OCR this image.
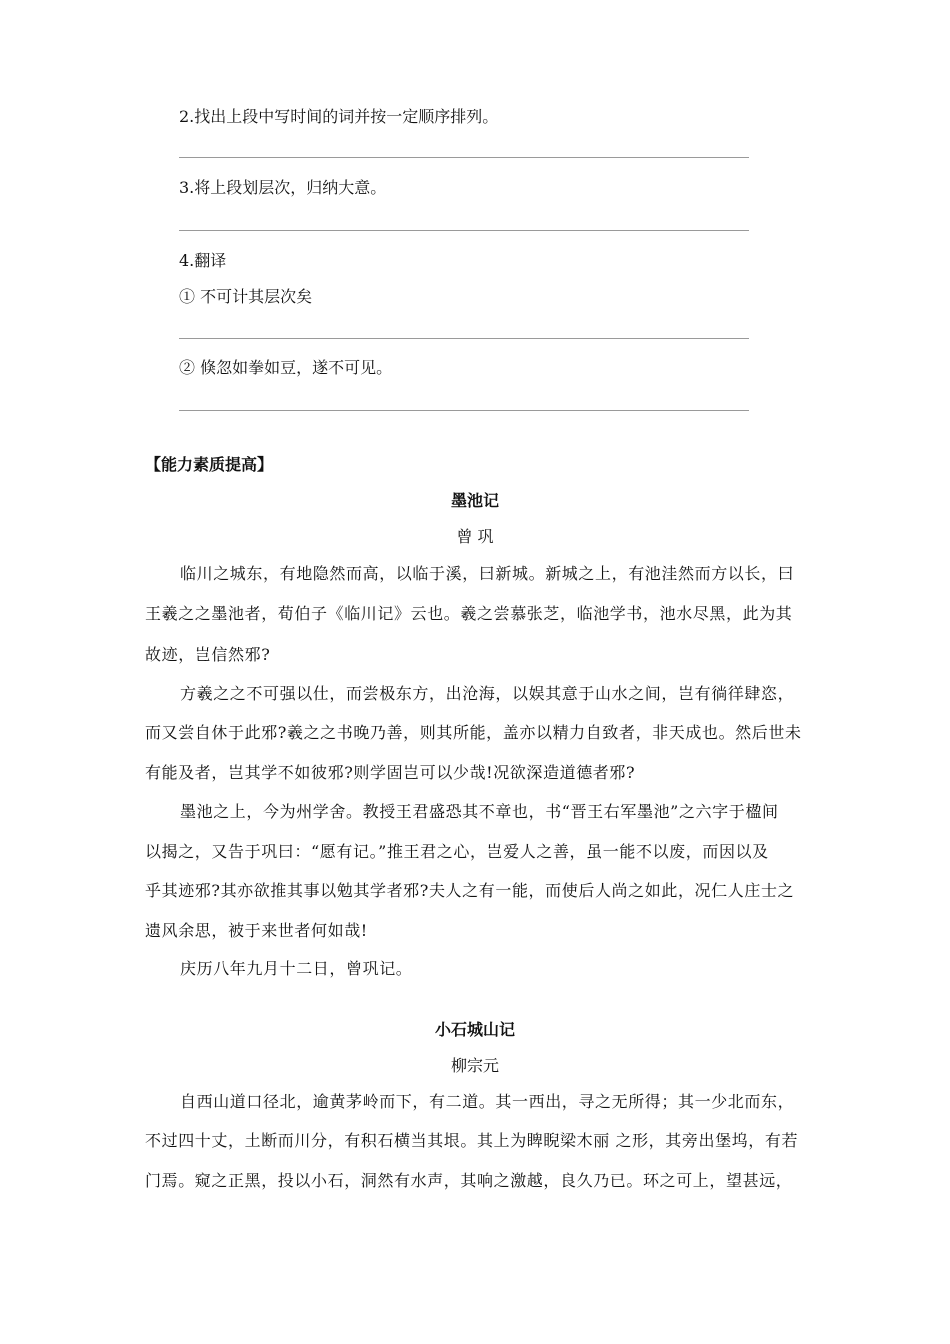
2.找出上段中写时间的词并按一定顺序排列。
3.将上段划层次，归纳大意。
4.翻译
① 不可计其层次矣
② 倏忽如拳如豆，遂不可见。
【能力素质提高】
墨池记
曾 巩
临川之城东，有地隐然而高，以临于溪，曰新城。新城之上，有池洼然而方以长，曰
王羲之之墨池者，荀伯子《临川记》云也。羲之尝慕张芝，临池学书，池水尽黑，此为其
故迹，岂信然邪?
方羲之之不可强以仕，而尝极东方，出沧海，以娱其意于山水之间，岂有徜徉肆恣，
而又尝自休于此邪?羲之之书晚乃善，则其所能，盖亦以精力自致者，非天成也。然后世未
有能及者，岂其学不如彼邪?则学固岂可以少哉!况欲深造道德者邪?
墨池之上，今为州学舍。教授王君盛恐其不章也，书“晋王右军墨池”之六字于楹间
以揭之，又告于巩曰：“愿有记。”推王君之心，岂爱人之善，虽一能不以废，而因以及
乎其迹邪?其亦欲推其事以勉其学者邪?夫人之有一能，而使后人尚之如此，况仁人庄士之
遗风余思，被于来世者何如哉!
庆历八年九月十二日，曾巩记。
小石城山记
柳宗元
自西山道口径北，逾黄茅岭而下，有二道。其一西出，寻之无所得；其一少北而东，
不过四十丈，土断而川分，有积石横当其垠。其上为睥睨梁木丽 之形，其旁出堡坞，有若
门焉。窥之正黑，投以小石，洞然有水声，其响之激越，良久乃已。环之可上，望甚远，
